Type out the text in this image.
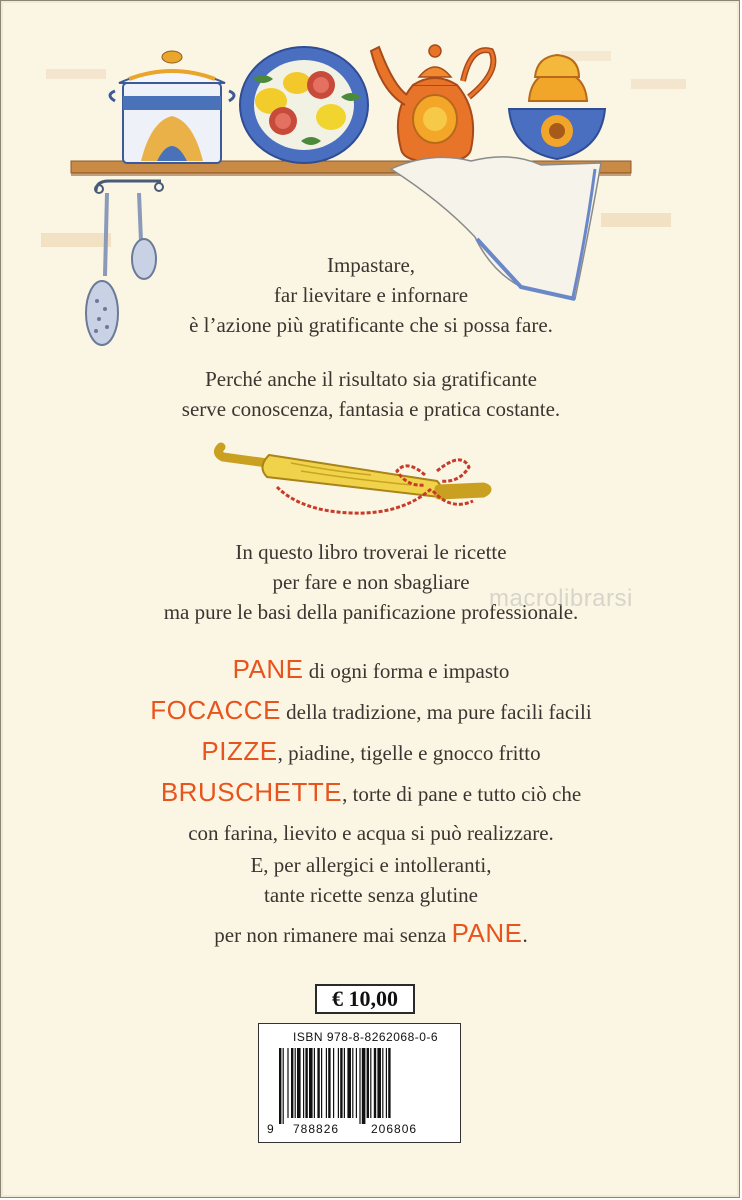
Impastare,

far lievitare e infornare

è l’azione più gratificante che si possa fare.

Perché anche il risultato sia gratificante

serve conoscenza, fantasia e pratica costante.

In questo libro troverai le ricette

per fare e non sbagliare

ma pure le basi della panificazione professionale.

macrolibrarsi

PANE di ogni forma e impasto

FOCACCE della tradizione, ma pure facili facili

PIZZE, piadine, tigelle e gnocco fritto

BRUSCHETTE, torte di pane e tutto ciò che

con farina, lievito e acqua si può realizzare.

E, per allergici e intolleranti,

tante ricette senza glutine

per non rimanere mai senza PANE.

€ 10,00
ISBN 978-8-8262068-0-6
9 788826	206806
